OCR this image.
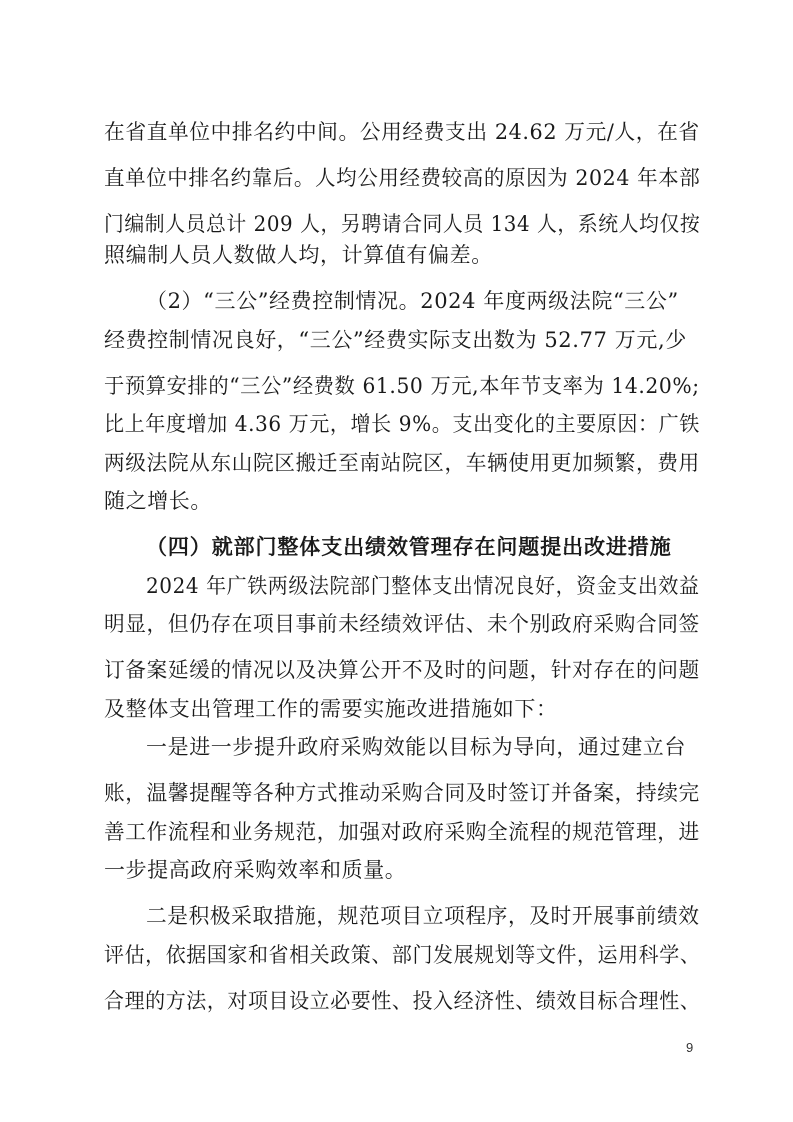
在省直单位中排名约中间。公用经费支出 24.62 万元/人，在省
直单位中排名约靠后。人均公用经费较高的原因为 2024 年本部
门编制人员总计 209 人，另聘请合同人员 134 人，系统人均仅按
照编制人员人数做人均，计算值有偏差。
（2）“三公”经费控制情况。2024 年度两级法院“三公”
经费控制情况良好，“三公”经费实际支出数为 52.77 万元,少
于预算安排的“三公”经费数 61.50 万元,本年节支率为 14.20%;
比上年度增加 4.36 万元，增长 9%。支出变化的主要原因：广铁
两级法院从东山院区搬迁至南站院区，车辆使用更加频繁，费用
随之增长。
（四）就部门整体支出绩效管理存在问题提出改进措施
2024 年广铁两级法院部门整体支出情况良好，资金支出效益
明显，但仍存在项目事前未经绩效评估、未个别政府采购合同签
订备案延缓的情况以及决算公开不及时的问题，针对存在的问题
及整体支出管理工作的需要实施改进措施如下：
一是进一步提升政府采购效能以目标为导向，通过建立台
账，温馨提醒等各种方式推动采购合同及时签订并备案，持续完
善工作流程和业务规范，加强对政府采购全流程的规范管理，进
一步提高政府采购效率和质量。
二是积极采取措施，规范项目立项程序，及时开展事前绩效
评估，依据国家和省相关政策、部门发展规划等文件，运用科学、
合理的方法，对项目设立必要性、投入经济性、绩效目标合理性、
9
